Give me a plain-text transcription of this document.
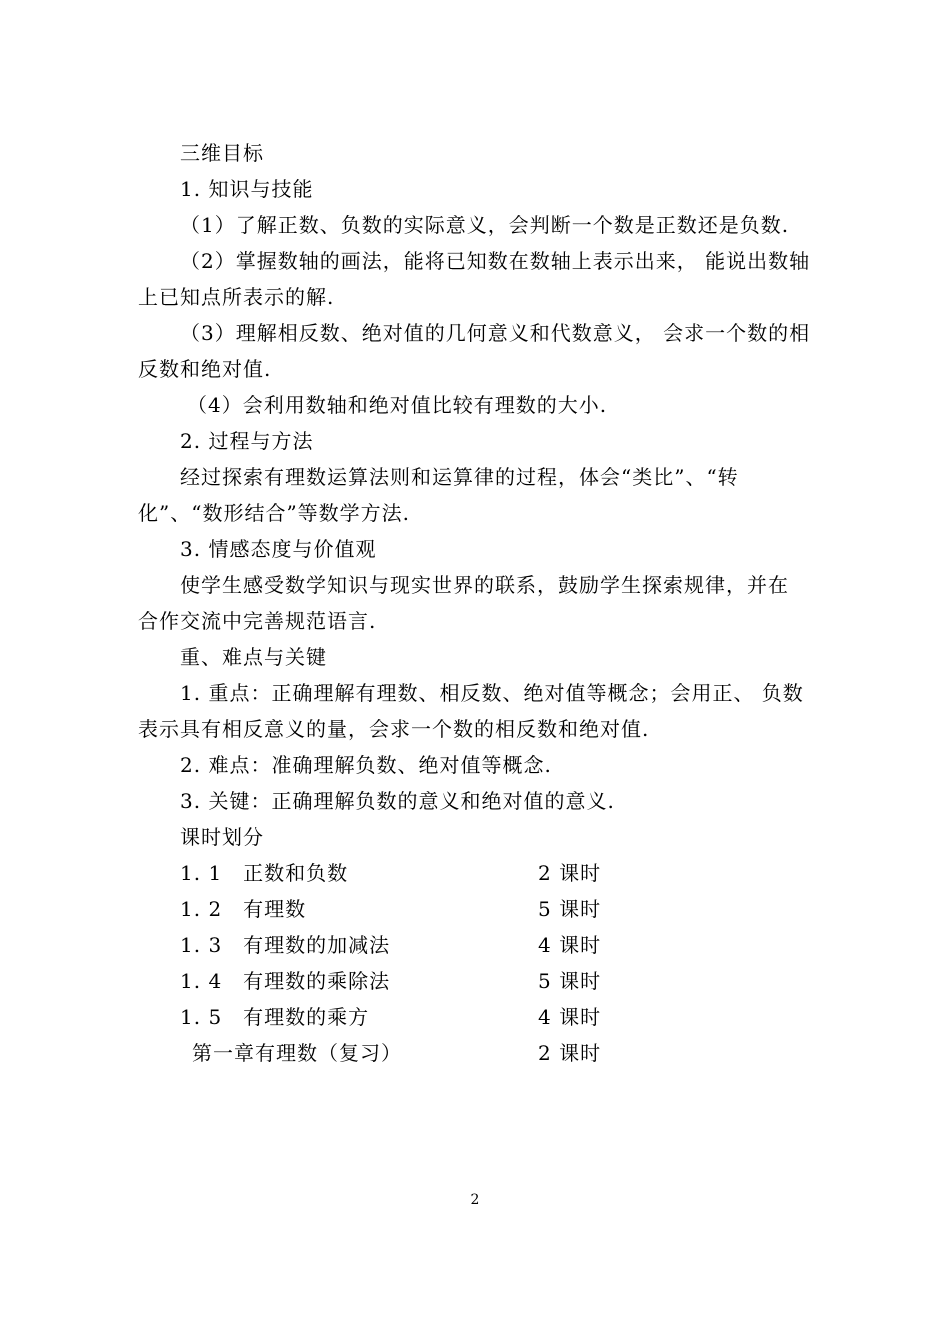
三维目标
1. 知识与技能
（1）了解正数、负数的实际意义，会判断一个数是正数还是负数.
（2）掌握数轴的画法，能将已知数在数轴上表示出来， 能说出数轴
上已知点所表示的解.
（3）理解相反数、绝对值的几何意义和代数意义， 会求一个数的相
反数和绝对值.
（4）会利用数轴和绝对值比较有理数的大小.
2. 过程与方法
经过探索有理数运算法则和运算律的过程，体会“类比”、“转
化”、“数形结合”等数学方法.
3. 情感态度与价值观
使学生感受数学知识与现实世界的联系，鼓励学生探索规律，并在
合作交流中完善规范语言.
重、难点与关键
1. 重点：正确理解有理数、相反数、绝对值等概念；会用正、 负数
表示具有相反意义的量，会求一个数的相反数和绝对值.
2. 难点：准确理解负数、绝对值等概念.
3. 关键：正确理解负数的意义和绝对值的意义.
课时划分
1. 1　正数和负数	2 课时
1. 2　有理数	5 课时
1. 3　有理数的加减法	4 课时
1. 4　有理数的乘除法	5 课时
1. 5　有理数的乘方	4 课时
第一章有理数（复习）	2 课时
2
